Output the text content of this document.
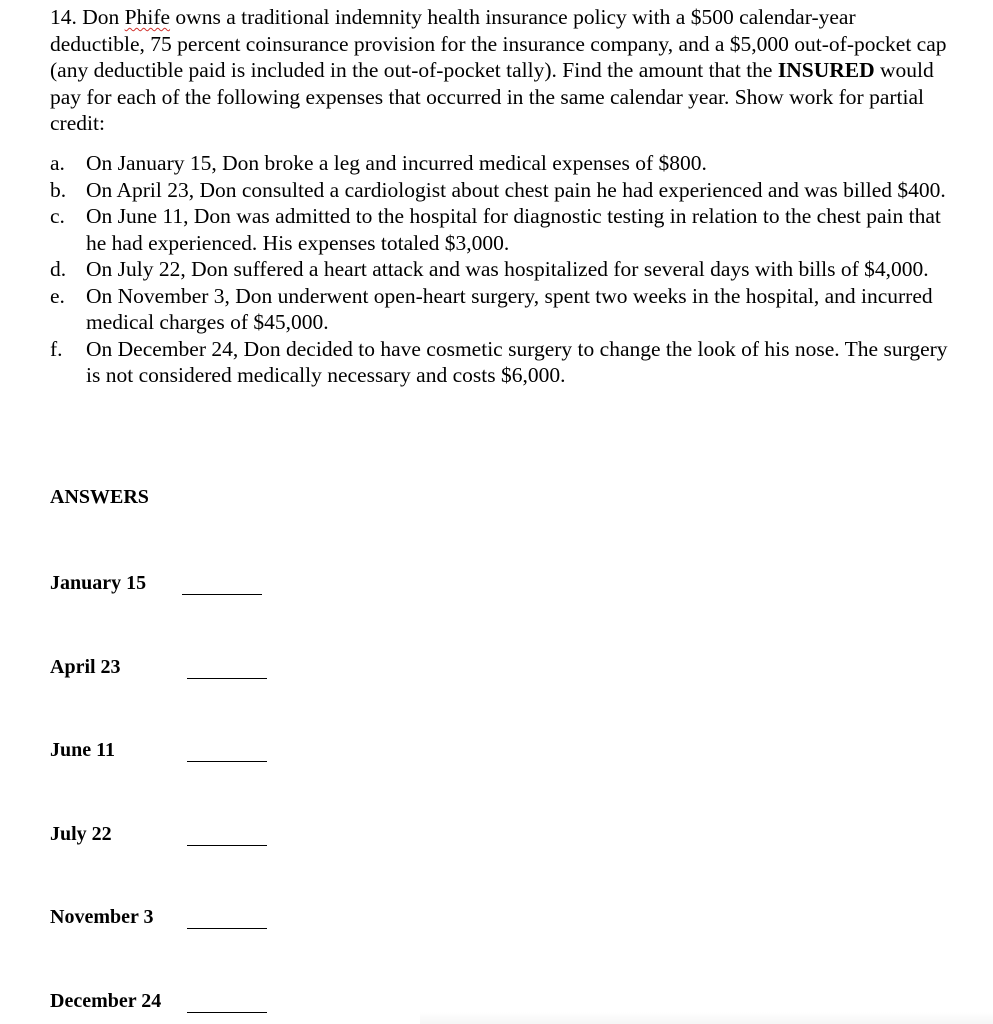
14. Don Phife owns a traditional indemnity health insurance policy with a $500 calendar-year deductible, 75 percent coinsurance provision for the insurance company, and a $5,000 out-of-pocket cap (any deductible paid is included in the out-of-pocket tally). Find the amount that the INSURED would pay for each of the following expenses that occurred in the same calendar year. Show work for partial credit:
a. On January 15, Don broke a leg and incurred medical expenses of $800.
b. On April 23, Don consulted a cardiologist about chest pain he had experienced and was billed $400.
c. On June 11, Don was admitted to the hospital for diagnostic testing in relation to the chest pain that he had experienced. His expenses totaled $3,000.
d. On July 22, Don suffered a heart attack and was hospitalized for several days with bills of $4,000.
e. On November 3, Don underwent open-heart surgery, spent two weeks in the hospital, and incurred medical charges of $45,000.
f.	On December 24, Don decided to have cosmetic surgery to change the look of his nose. The surgery is not considered medically necessary and costs $6,000.
ANSWERS
January 15
April 23
June 11
July 22
November 3
December 24
